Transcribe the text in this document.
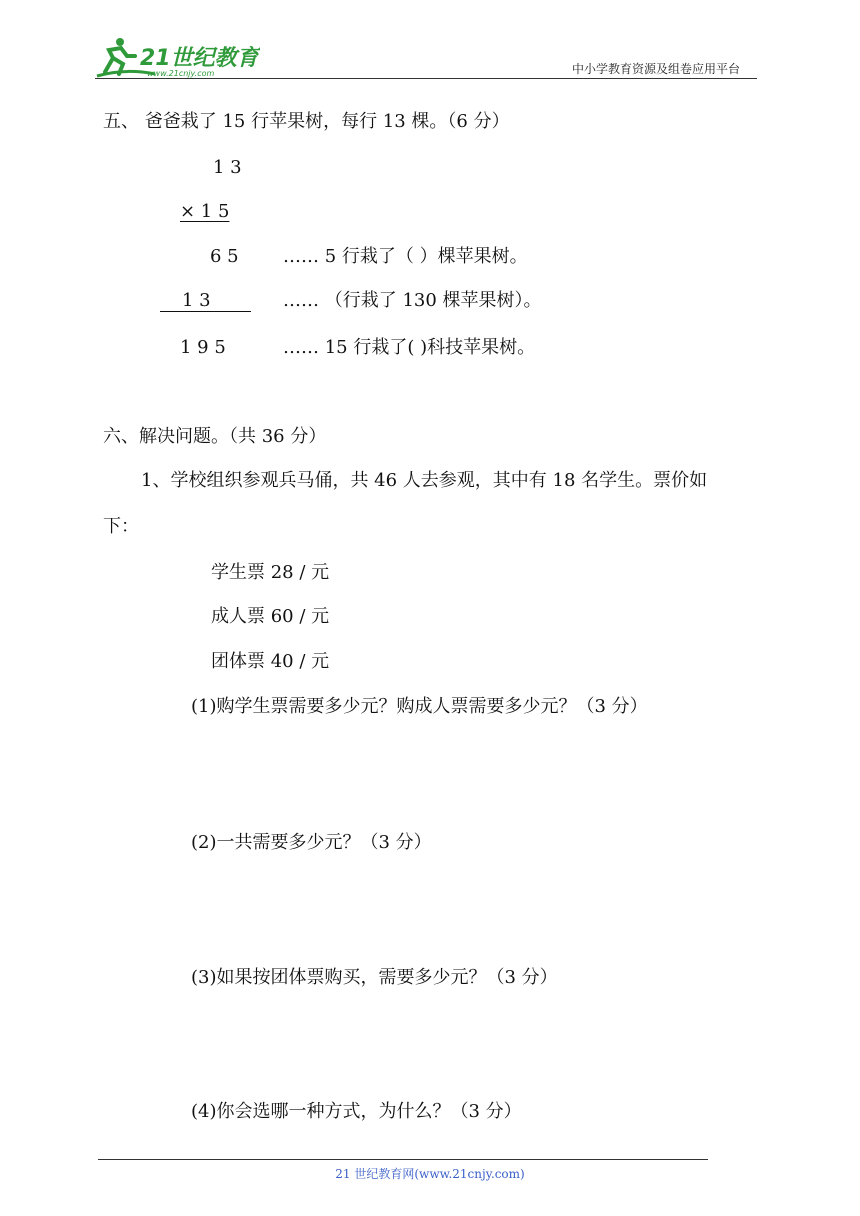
21世纪教育
www.21cnjy.com	中小学教育资源及组卷应用平台
五、 爸爸栽了 15 行苹果树，每行 13 棵。（6 分）
1 3
× 1 5
6 5 …… 5 行栽了（ ）棵苹果树。
1 3	…… （行栽了 130 棵苹果树）。
1 9 5	…… 15 行栽了( )科技苹果树。
六、解决问题。（共 36 分）
1、学校组织参观兵马俑，共 46 人去参观，其中有 18 名学生。票价如
下：
学生票 28 / 元
成人票 60 / 元
团体票 40 / 元
(1)购学生票需要多少元？购成人票需要多少元？（3 分）
(2)一共需要多少元？（3 分）
(3)如果按团体票购买，需要多少元？（3 分）
(4)你会选哪一种方式，为什么？（3 分）
21 世纪教育网(www.21cnjy.com)
